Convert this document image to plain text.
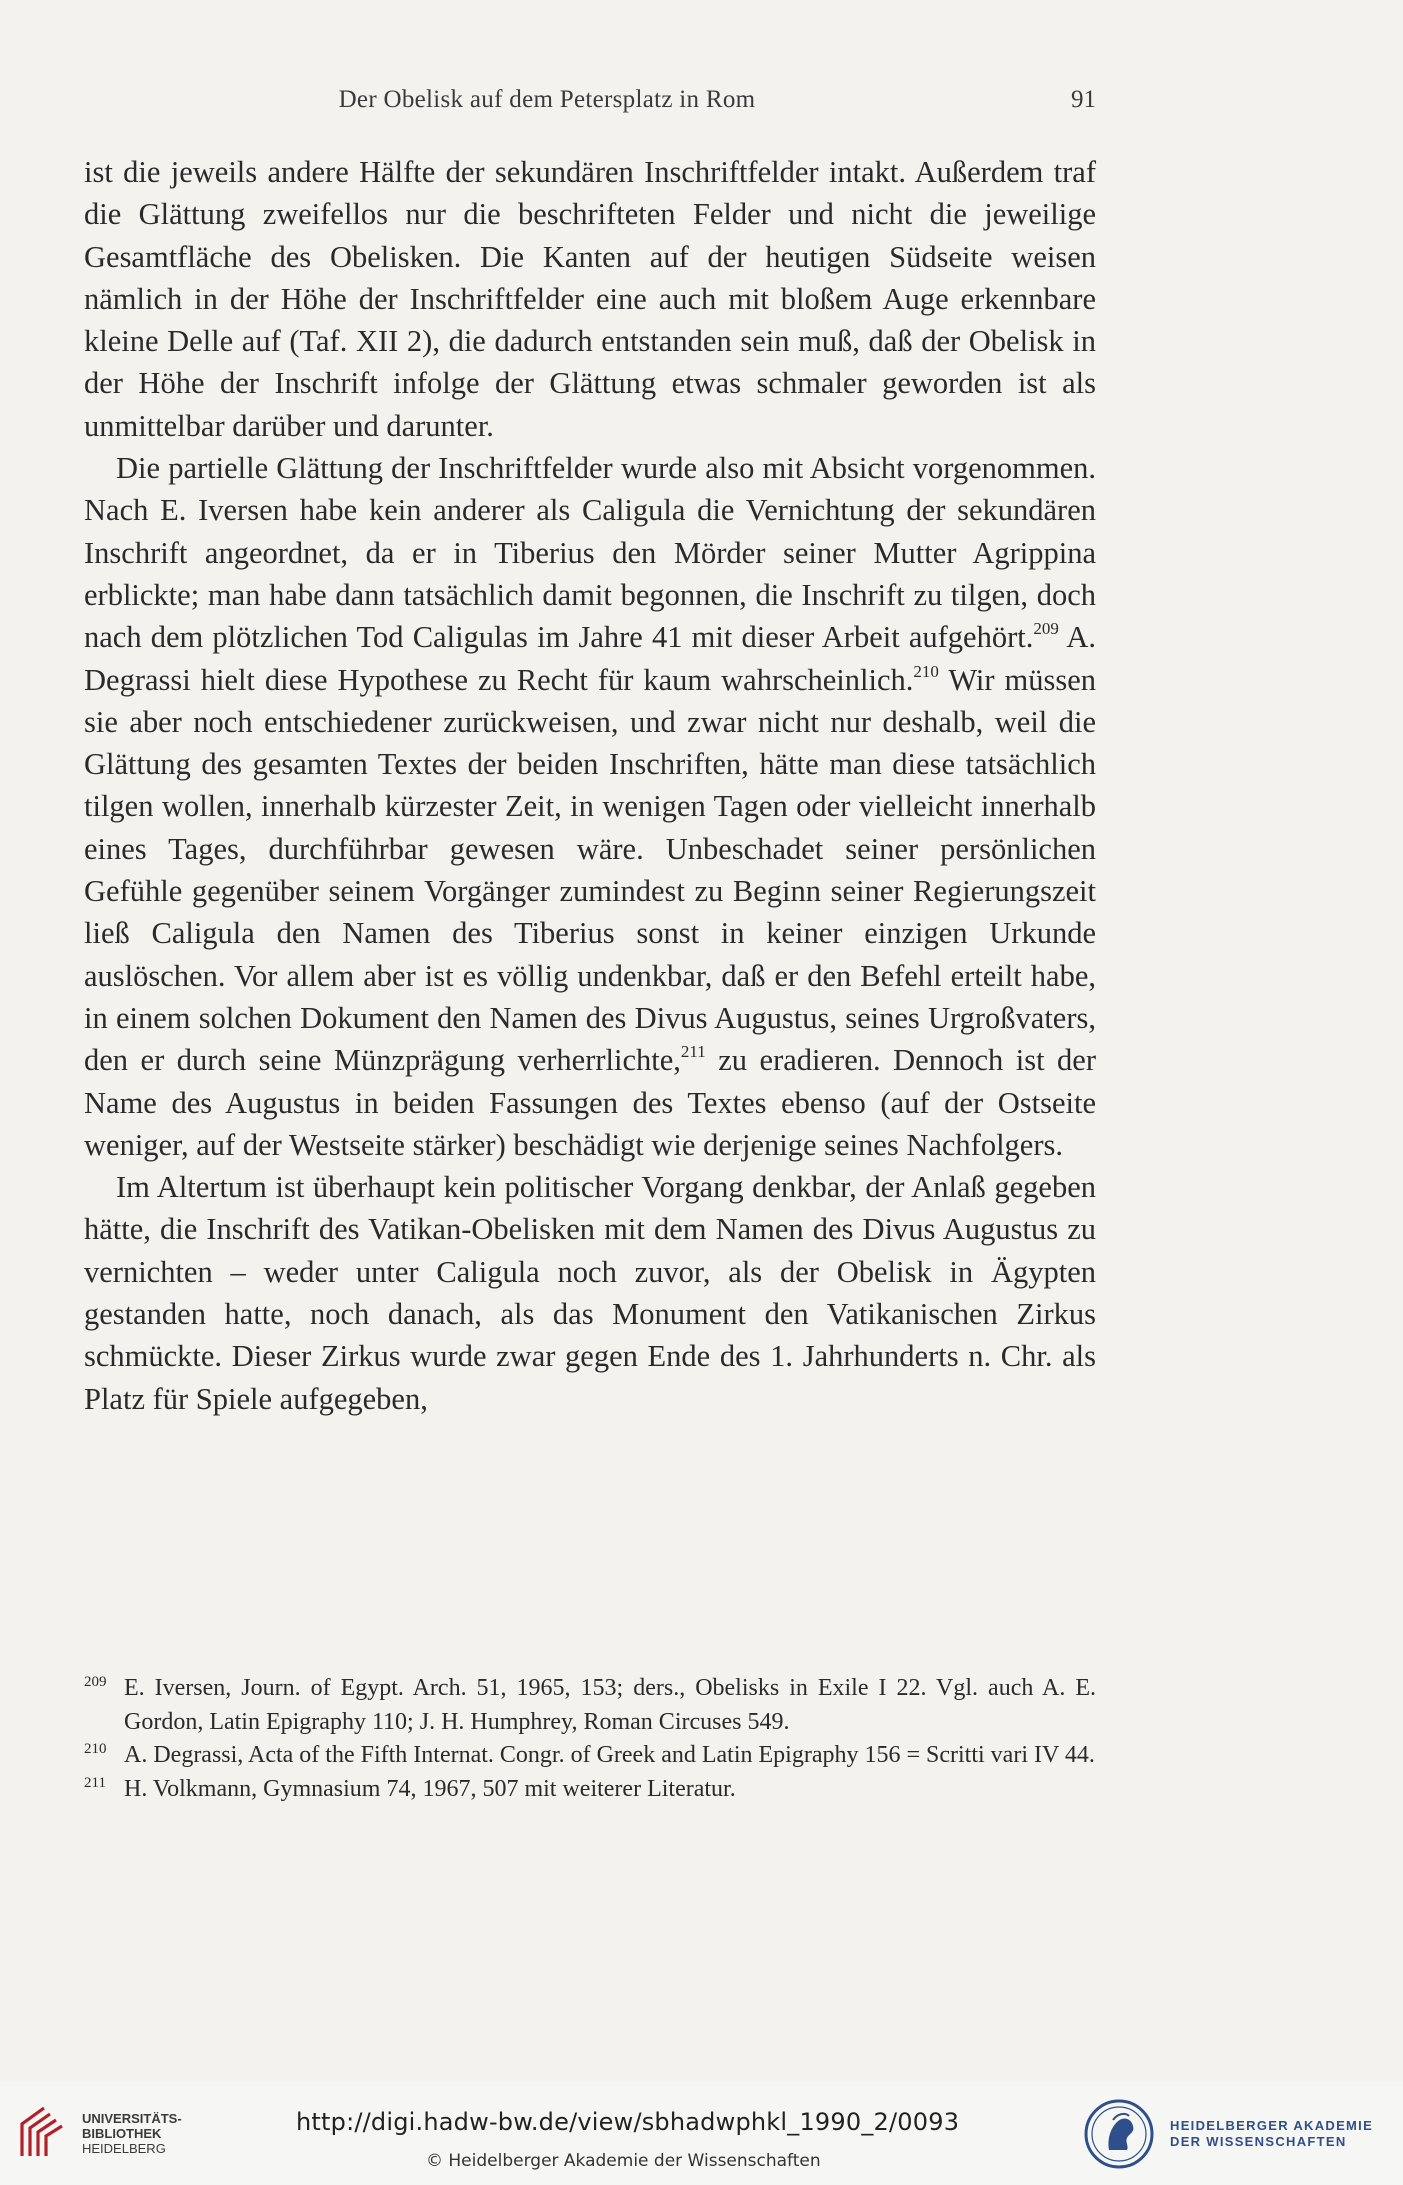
Der Obelisk auf dem Petersplatz in Rom	91

ist die jeweils andere Hälfte der sekundären Inschriftfelder intakt. Außerdem traf die Glättung zweifellos nur die beschrifteten Felder und nicht die jeweilige Gesamtfläche des Obelisken. Die Kanten auf der heutigen Südseite weisen nämlich in der Höhe der Inschriftfelder eine auch mit bloßem Auge erkennbare kleine Delle auf (Taf. XII 2), die dadurch entstanden sein muß, daß der Obelisk in der Höhe der Inschrift infolge der Glättung etwas schmaler geworden ist als unmittelbar darüber und darunter.

Die partielle Glättung der Inschriftfelder wurde also mit Absicht vorgenommen. Nach E. Iversen habe kein anderer als Caligula die Vernichtung der sekundären Inschrift angeordnet, da er in Tiberius den Mörder seiner Mutter Agrippina erblickte; man habe dann tatsächlich damit begonnen, die Inschrift zu tilgen, doch nach dem plötzlichen Tod Caligulas im Jahre 41 mit dieser Arbeit aufgehört.$^{209}$ A. Degrassi hielt diese Hypothese zu Recht für kaum wahrscheinlich.$^{210}$ Wir müssen sie aber noch entschiedener zurückweisen, und zwar nicht nur deshalb, weil die Glättung des gesamten Textes der beiden Inschriften, hätte man diese tatsächlich tilgen wollen, innerhalb kürzester Zeit, in wenigen Tagen oder vielleicht innerhalb eines Tages, durchführbar gewesen wäre. Unbeschadet seiner persönlichen Gefühle gegenüber seinem Vorgänger zumindest zu Beginn seiner Regierungszeit ließ Caligula den Namen des Tiberius sonst in keiner einzigen Urkunde auslöschen. Vor allem aber ist es völlig undenkbar, daß er den Befehl erteilt habe, in einem solchen Dokument den Namen des Divus Augustus, seines Urgroßvaters, den er durch seine Münzprägung verherrlichte,$^{211}$ zu eradieren. Dennoch ist der Name des Augustus in beiden Fassungen des Textes ebenso (auf der Ostseite weniger, auf der Westseite stärker) beschädigt wie derjenige seines Nachfolgers.

Im Altertum ist überhaupt kein politischer Vorgang denkbar, der Anlaß gegeben hätte, die Inschrift des Vatikan-Obelisken mit dem Namen des Divus Augustus zu vernichten – weder unter Caligula noch zuvor, als der Obelisk in Ägypten gestanden hatte, noch danach, als das Monument den Vatikanischen Zirkus schmückte. Dieser Zirkus wurde zwar gegen Ende des 1. Jahrhunderts n. Chr. als Platz für Spiele aufgegeben,

209 E. Iversen, Journ. of Egypt. Arch. 51, 1965, 153; ders., Obelisks in Exile I 22. Vgl. auch A. E. Gordon, Latin Epigraphy 110; J. H. Humphrey, Roman Circuses 549.

210 A. Degrassi, Acta of the Fifth Internat. Congr. of Greek and Latin Epigraphy 156 = Scritti vari IV 44.

211 H. Volkmann, Gymnasium 74, 1967, 507 mit weiterer Literatur.

UNIVERSITÄTS-
BIBLIOTHEK
HEIDELBERG
http://digi.hadw-bw.de/view/sbhadwphkl_1990_2/0093
© Heidelberger Akademie der Wissenschaften
HEIDELBERGER AKADEMIE
DER WISSENSCHAFTEN
